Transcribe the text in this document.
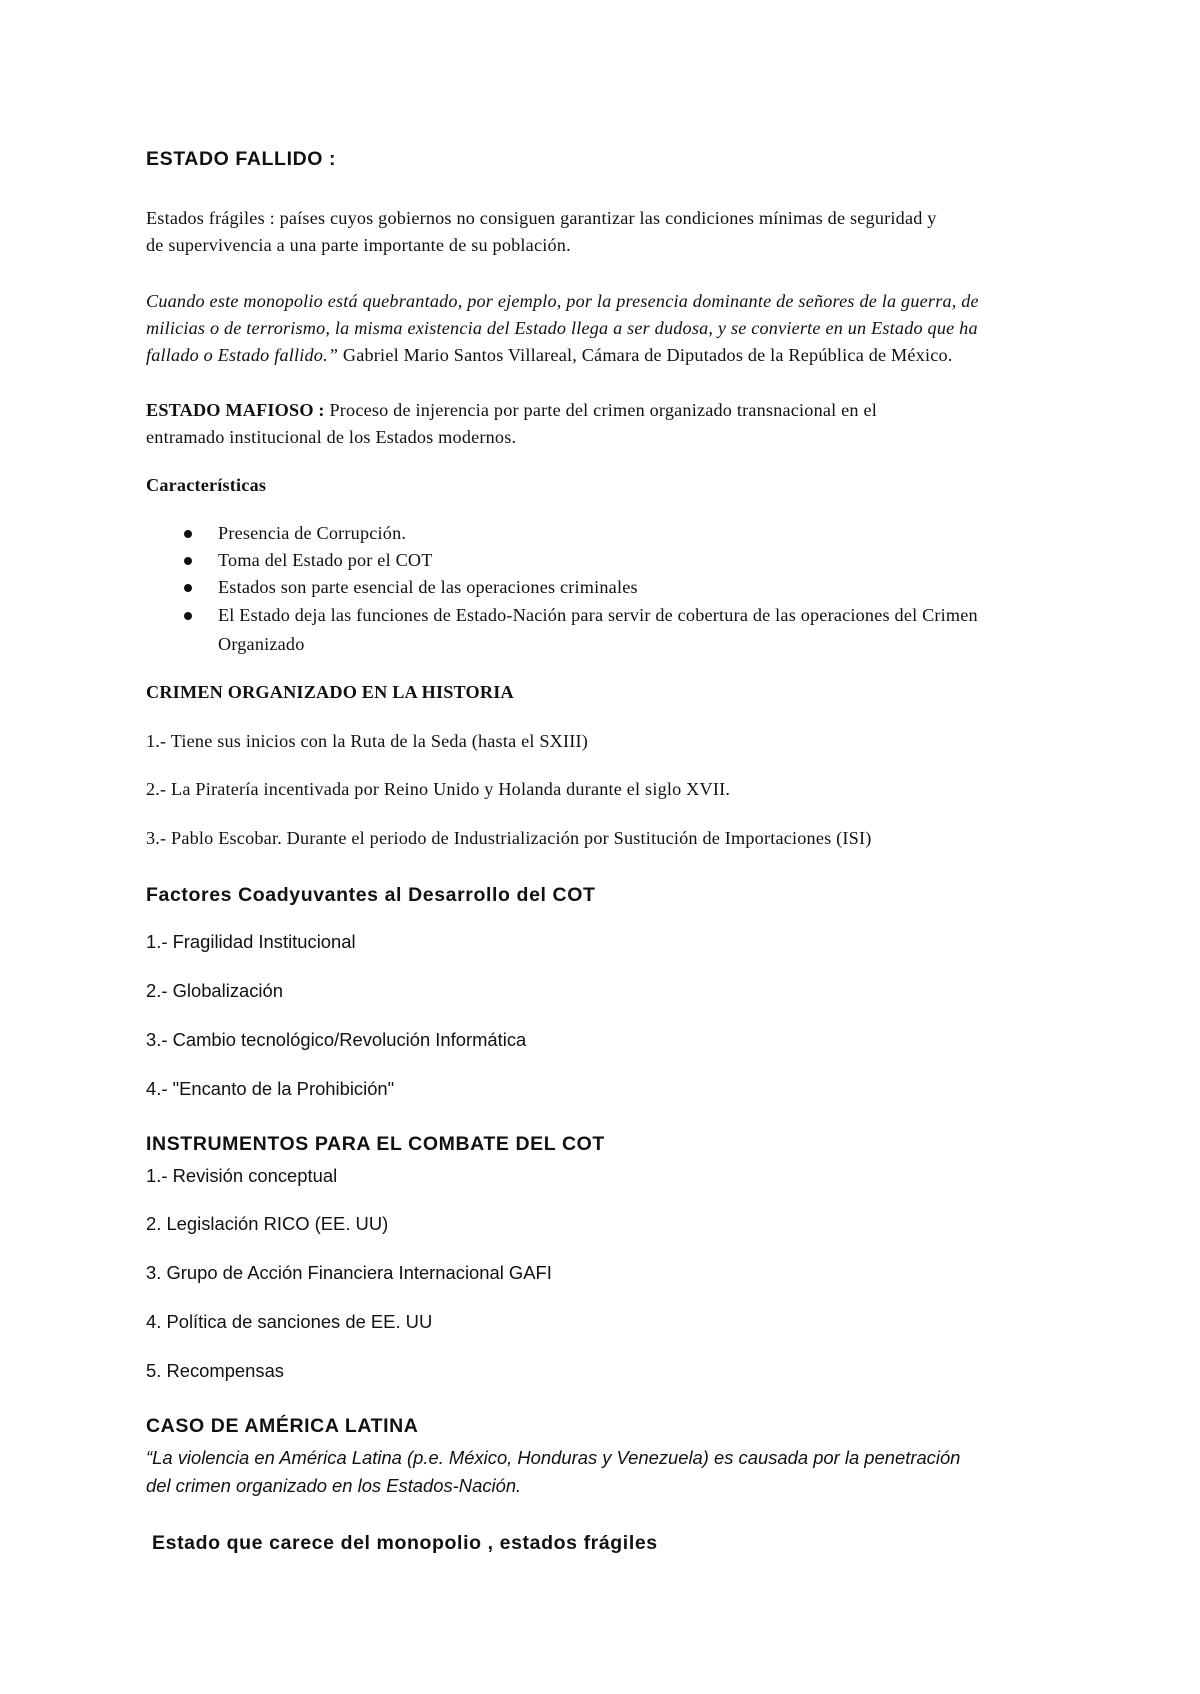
ESTADO FALLIDO :
Estados frágiles : países cuyos gobiernos no consiguen garantizar las condiciones mínimas de seguridad y
de supervivencia a una parte importante de su población.
Cuando este monopolio está quebrantado, por ejemplo, por la presencia dominante de señores de la guerra, de
milicias o de terrorismo, la misma existencia del Estado llega a ser dudosa, y se convierte en un Estado que ha
fallado o Estado fallido.” Gabriel Mario Santos Villareal, Cámara de Diputados de la República de México.
ESTADO MAFIOSO : Proceso de injerencia por parte del crimen organizado transnacional en el
entramado institucional de los Estados modernos.
Características
Presencia de Corrupción.
Toma del Estado por el COT
Estados son parte esencial de las operaciones criminales
El Estado deja las funciones de Estado-Nación para servir de cobertura de las operaciones del Crimen
Organizado
CRIMEN ORGANIZADO EN LA HISTORIA
1.- Tiene sus inicios con la Ruta de la Seda (hasta el SXIII)
2.- La Piratería incentivada por Reino Unido y Holanda durante el siglo XVII.
3.- Pablo Escobar. Durante el periodo de Industrialización por Sustitución de Importaciones (ISI)
Factores Coadyuvantes al Desarrollo del COT
1.- Fragilidad Institucional
2.- Globalización
3.- Cambio tecnológico/Revolución Informática
4.- "Encanto de la Prohibición"
INSTRUMENTOS PARA EL COMBATE DEL COT
1.- Revisión conceptual
2. Legislación RICO (EE. UU)
3. Grupo de Acción Financiera Internacional GAFI
4. Política de sanciones de EE. UU
5. Recompensas
CASO DE AMÉRICA LATINA
“La violencia en América Latina (p.e. México, Honduras y Venezuela) es causada por la penetración
del crimen organizado en los Estados-Nación.
Estado que carece del monopolio , estados frágiles
